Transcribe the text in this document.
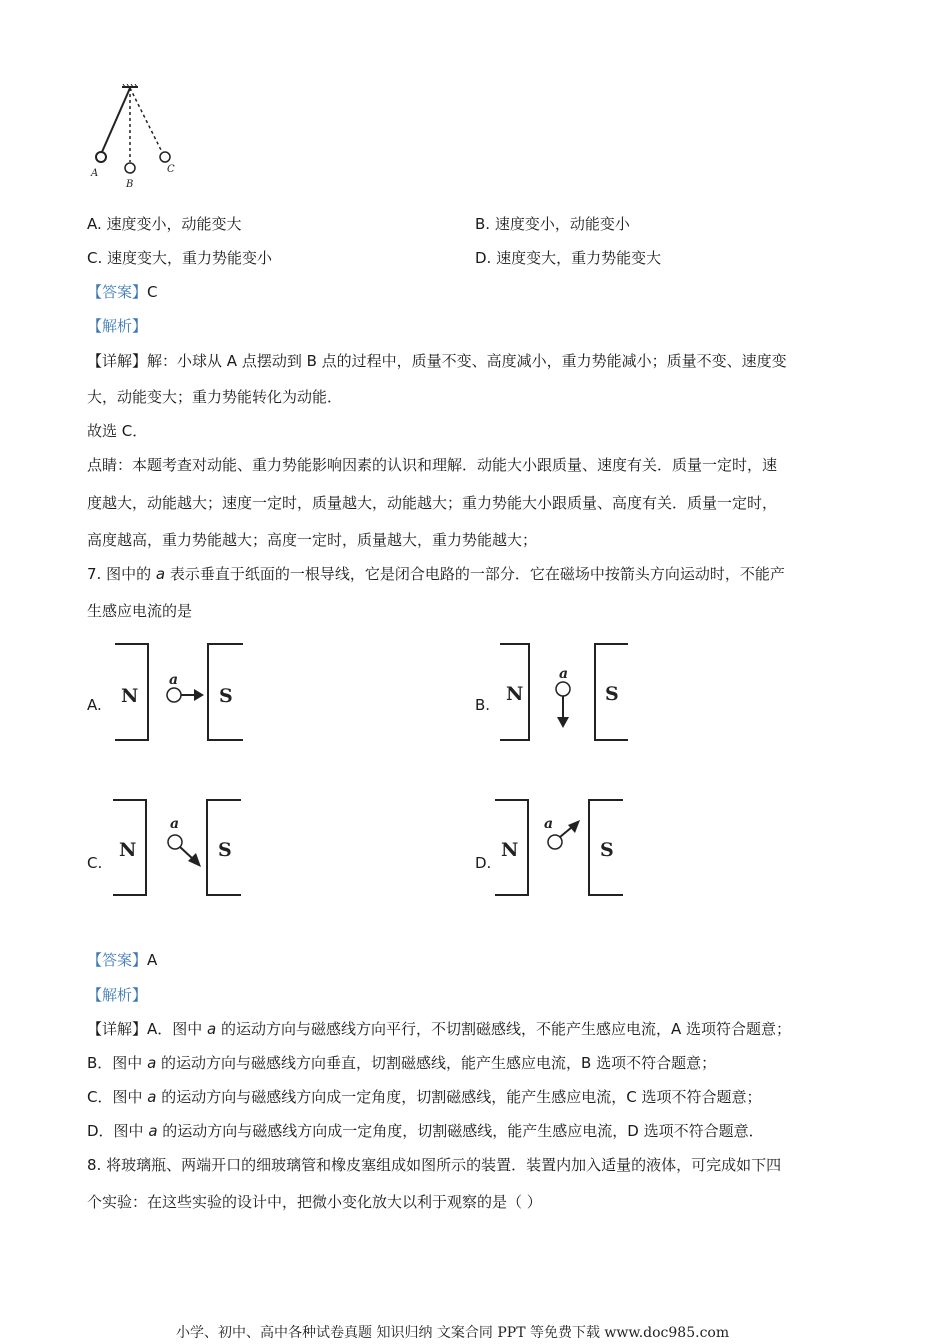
A
B
C
A. 速度变小，动能变大	B. 速度变小，动能变小
C. 速度变大，重力势能变小	D. 速度变大，重力势能变大
【答案】C
【解析】
【详解】解：小球从 A 点摆动到 B 点的过程中，质量不变、高度减小，重力势能减小；质量不变、速度变
大，动能变大；重力势能转化为动能．
故选 C．
点睛：本题考查对动能、重力势能影响因素的认识和理解．动能大小跟质量、速度有关．质量一定时，速
度越大，动能越大；速度一定时，质量越大，动能越大；重力势能大小跟质量、高度有关．质量一定时，
高度越高，重力势能越大；高度一定时，质量越大，重力势能越大；
7. 图中的 a 表示垂直于纸面的一根导线，它是闭合电路的一部分．它在磁场中按箭头方向运动时，不能产
生感应电流的是
A. N	S
a
B. N	S
a
C.
N	S
a
D.
N	S
a
【答案】A
【解析】
【详解】A．图中 a 的运动方向与磁感线方向平行，不切割磁感线，不能产生感应电流，A 选项符合题意；
B．图中 a 的运动方向与磁感线方向垂直，切割磁感线，能产生感应电流，B 选项不符合题意；
C．图中 a 的运动方向与磁感线方向成一定角度，切割磁感线，能产生感应电流，C 选项不符合题意；
D．图中 a 的运动方向与磁感线方向成一定角度，切割磁感线，能产生感应电流，D 选项不符合题意．
8. 将玻璃瓶、两端开口的细玻璃管和橡皮塞组成如图所示的装置．装置内加入适量的液体，可完成如下四
个实验：在这些实验的设计中，把微小变化放大以利于观察的是（ ）
小学、初中、高中各种试卷真题 知识归纳 文案合同 PPT 等免费下载 www.doc985.com
